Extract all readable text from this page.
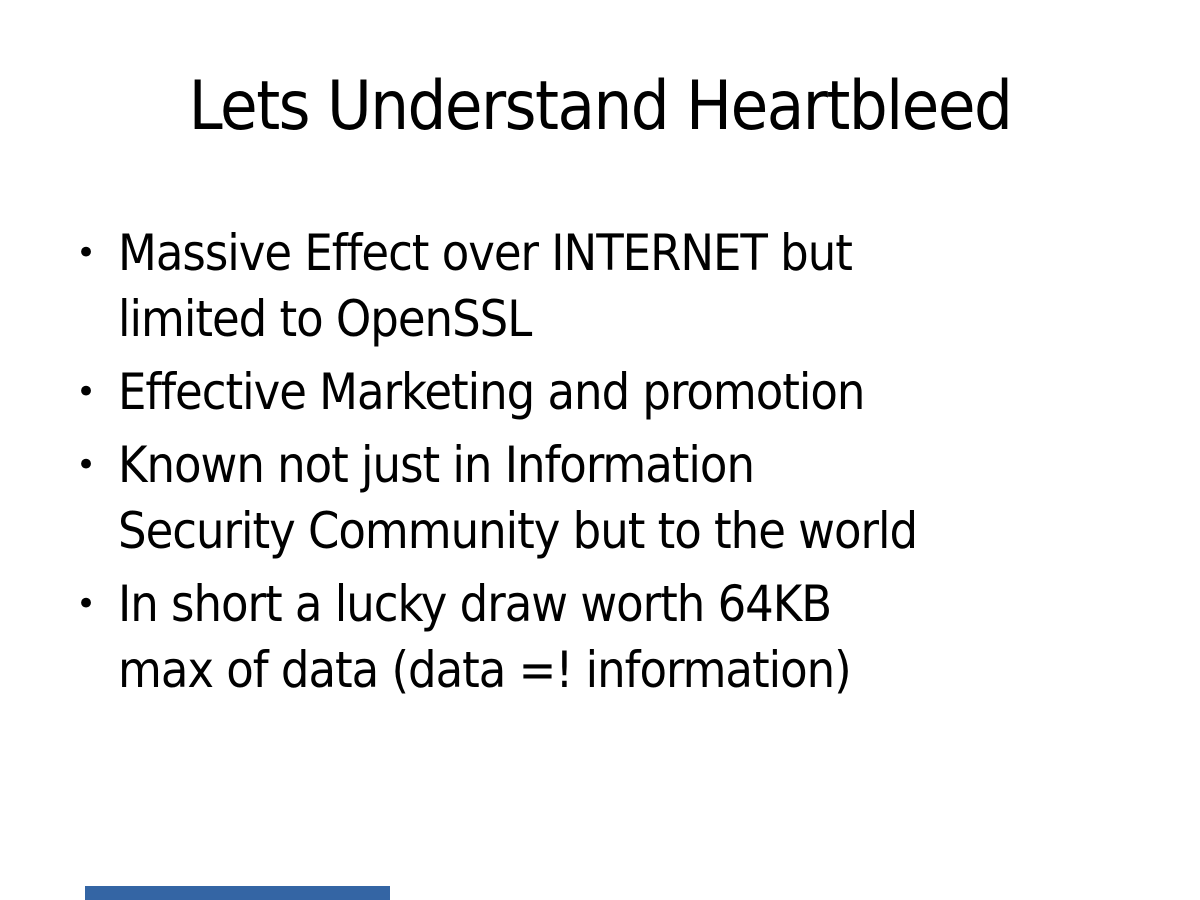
Lets Understand Heartbleed
• Massive Effect over INTERNET but
limited to OpenSSL
• Effective Marketing and promotion
• Known not just in Information
Security Community but to the world
• In short a lucky draw worth 64KB
max of data (data =! information)
